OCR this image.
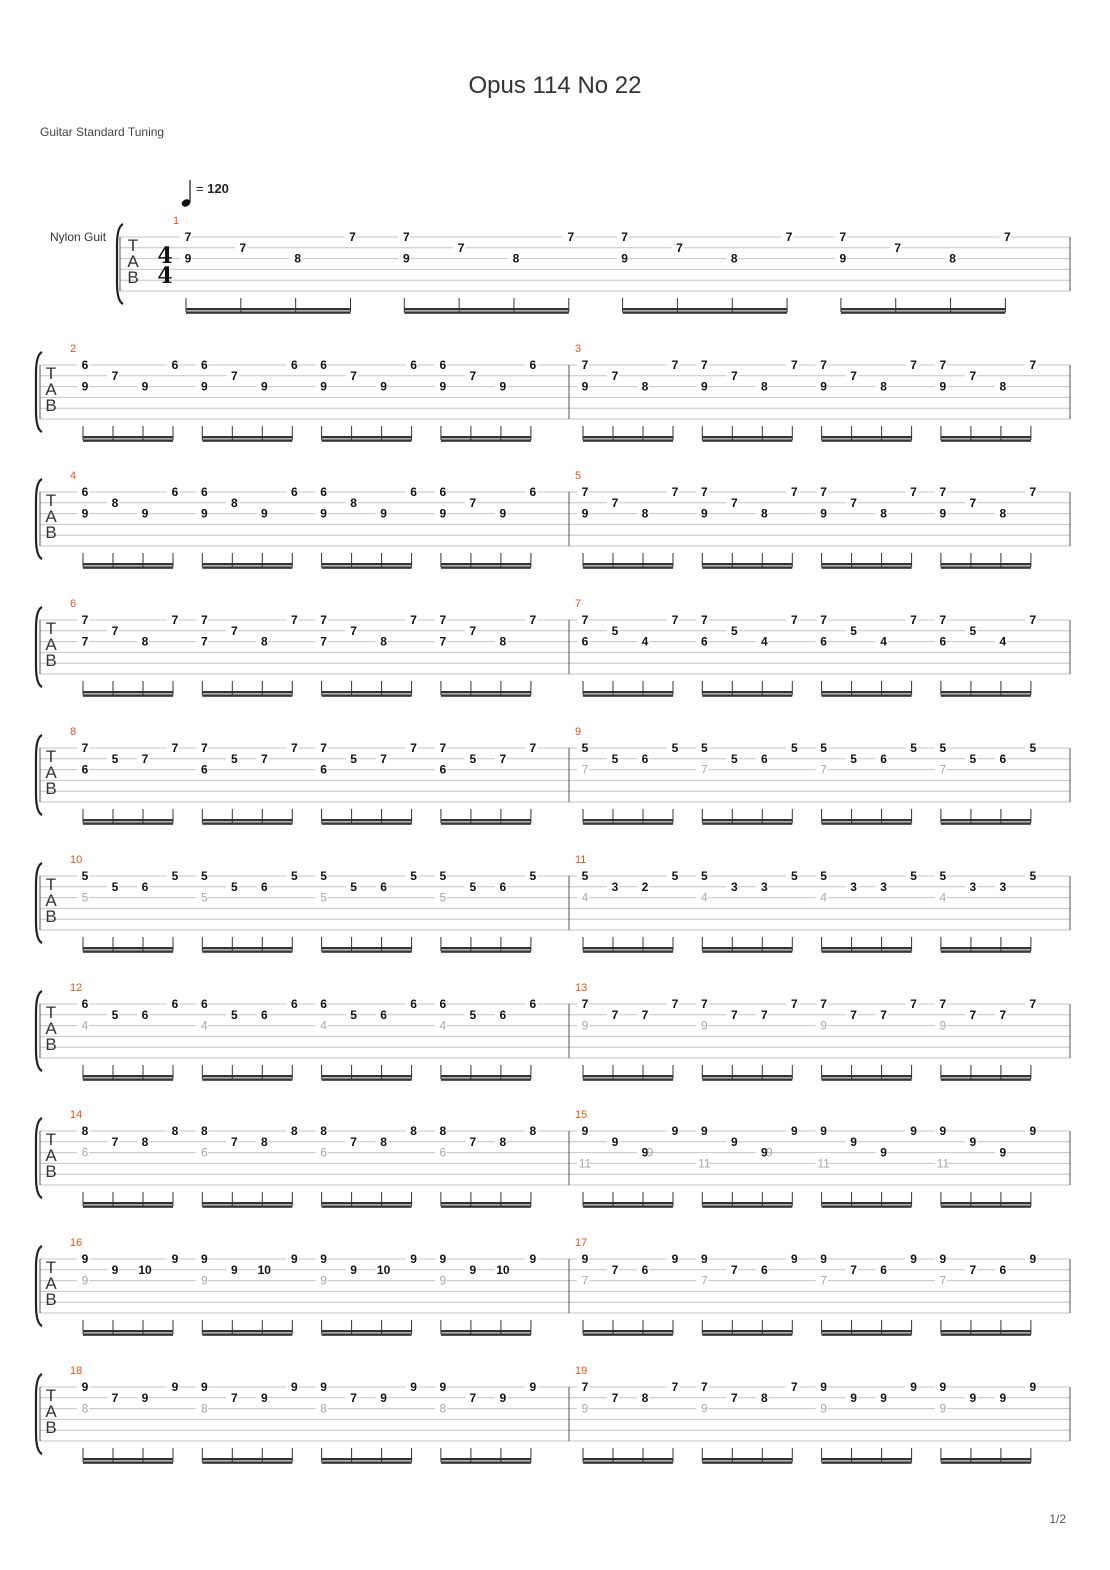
Opus 114 No 22
Guitar Standard Tuning
1/2
= 120
Nylon Guit T
A
B
4
4
1
7
9
7
8
7	7
9
7
8
7	7
9
7
8
7	7
9
7
8
7
T
A
B
2
6
9
7
9
6 6
9
7
9
6 6
9
7
9
6 6
9
7
9
6
3
7
9
7
8
7 7
9
7
8
7 7
9
7
8
7 7
9
7
8
7
T
A
B
4
6
9
8
9
6 6
9
8
9
6 6
9
8
9
6 6
9
7
9
6
5
7
9
7
8
7 7
9
7
8
7 7
9
7
8
7 7
9
7
8
7
T
A
B
6
7
7
7
8
7 7
7
7
8
7 7
7
7
8
7 7
7
7
8
7
7
7
6
5
4
7 7
6
5
4
7 7
6
5
4
7 7
6
5
4
7
T
A
B
8
7
6
5 7
7 7
6
5 7
7 7
6
5 7
7 7
6
5 7
7
9
5
7
5 6
5 5
7
5 6
5 5
7
5 6
5 5
7
5 6
5
T
A
B
10
5
5
5 6
5 5
5
5 6
5 5
5
5 6
5 5
5
5 6
5
11
5
4
3 2
5 5
4
3 3
5 5
4
3 3
5 5
4
3 3
5
T
A
B
12
6
4
5 6
6 6
4
5 6
6 6
4
5 6
6 6
4
5 6
6
13
7
9
7 7
7 7
9
7 7
7 7
9
7 7
7 7
9
7 7
7
T
A
B
14
8
6
7 8
8 8
6
7 8
8 8
6
7 8
8 8
6
7 8
8
15
9
11
9
9
9
9
9
11
9
9
9
9
9
11
9
9
9 9
11
9
9
9
T
A
B
16
9
9
9 10
9 9
9
9 10
9 9
9
9 10
9 9
9
9 10
9
17
9
7
7 6
9 9
7
7 6
9 9
7
7 6
9 9
7
7 6
9
T
A
B
18
9
8
7 9
9 9
8
7 9
9 9
8
7 9
9 9
8
7 9
9
19
7
9
7 8
7 7
9
7 8
7 9
9
9 9
9 9
9
9 9
9
